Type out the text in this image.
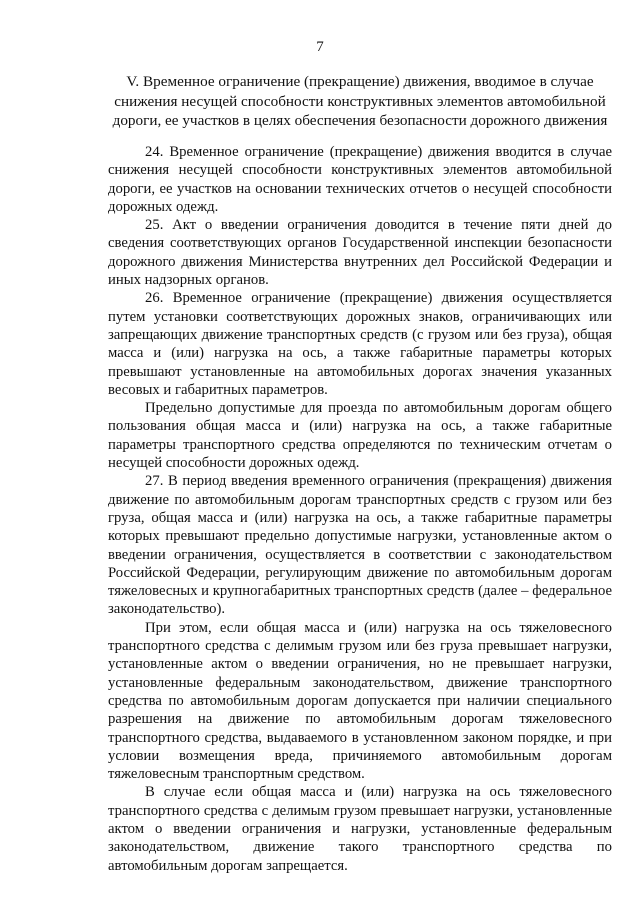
7
V. Временное ограничение (прекращение) движения, вводимое в случае снижения несущей способности конструктивных элементов автомобильной дороги, ее участков в целях обеспечения безопасности дорожного движения

24. Временное ограничение (прекращение) движения вводится в случае снижения несущей способности конструктивных элементов автомобильной дороги, ее участков на основании технических отчетов о несущей способности дорожных одежд.

25. Акт о введении ограничения доводится в течение пяти дней до сведения соответствующих органов Государственной инспекции безопасности дорожного движения Министерства внутренних дел Российской Федерации и иных надзорных органов.

26. Временное ограничение (прекращение) движения осуществляется путем установки соответствующих дорожных знаков, ограничивающих или запрещающих движение транспортных средств (с грузом или без груза), общая масса и (или) нагрузка на ось, а также габаритные параметры которых превышают установленные на автомобильных дорогах значения указанных весовых и габаритных параметров.

Предельно допустимые для проезда по автомобильным дорогам общего пользования общая масса и (или) нагрузка на ось, а также габаритные параметры транспортного средства определяются по техническим отчетам о несущей способности дорожных одежд.

27. В период введения временного ограничения (прекращения) движения движение по автомобильным дорогам транспортных средств с грузом или без груза, общая масса и (или) нагрузка на ось, а также габаритные параметры которых превышают предельно допустимые нагрузки, установленные актом о введении ограничения, осуществляется в соответствии с законодательством Российской Федерации, регулирующим движение по автомобильным дорогам тяжеловесных и крупногабаритных транспортных средств (далее – федеральное законодательство).

При этом, если общая масса и (или) нагрузка на ось тяжеловесного транспортного средства с делимым грузом или без груза превышает нагрузки, установленные актом о введении ограничения, но не превышает нагрузки, установленные федеральным законодательством, движение транспортного средства по автомобильным дорогам допускается при наличии специального разрешения на движение по автомобильным дорогам тяжеловесного транспортного средства, выдаваемого в установленном законом порядке, и при условии возмещения вреда, причиняемого автомобильным дорогам тяжеловесным транспортным средством.

В случае если общая масса и (или) нагрузка на ось тяжеловесного транспортного средства с делимым грузом превышает нагрузки, установленные актом о введении ограничения и нагрузки, установленные федеральным законодательством, движение такого транспортного средства по автомобильным дорогам запрещается.
